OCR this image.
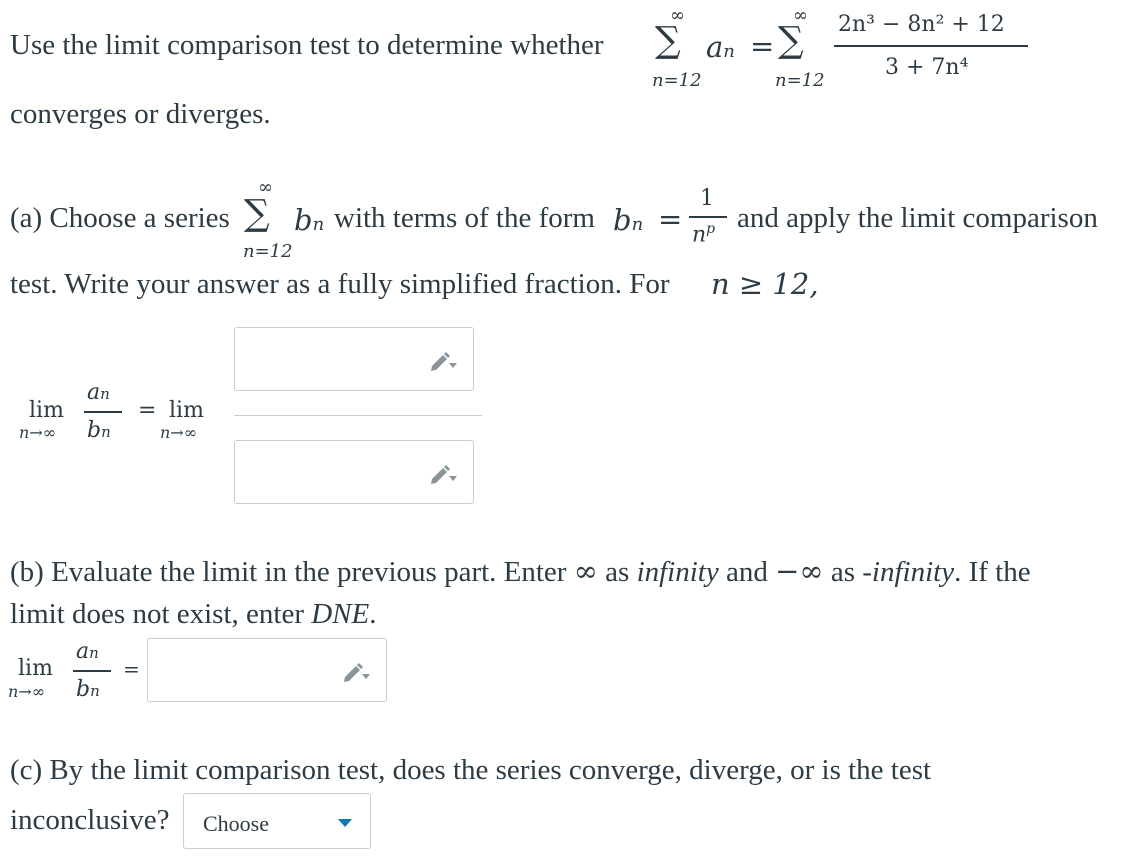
Use the limit comparison test to determine whether
∞
∑
n=12
an =
∞
∑
n=12
2n³ − 8n² + 12
3 + 7n⁴
converges or diverges.
(a) Choose a series
∞
∑
n=12
bn with terms of the form bn =
1
$n^p$ and apply the limit comparison
test. Write your answer as a fully simplified fraction. For n ≥ 12,
lim
n→∞
an
bn
= lim
n→∞
(b) Evaluate the limit in the previous part. Enter ∞ as infinity and −∞ as -infinity. If the
limit does not exist, enter DNE.
lim
n→∞
an
bn
=
(c) By the limit comparison test, does the series converge, diverge, or is the test
inconclusive? Choose
